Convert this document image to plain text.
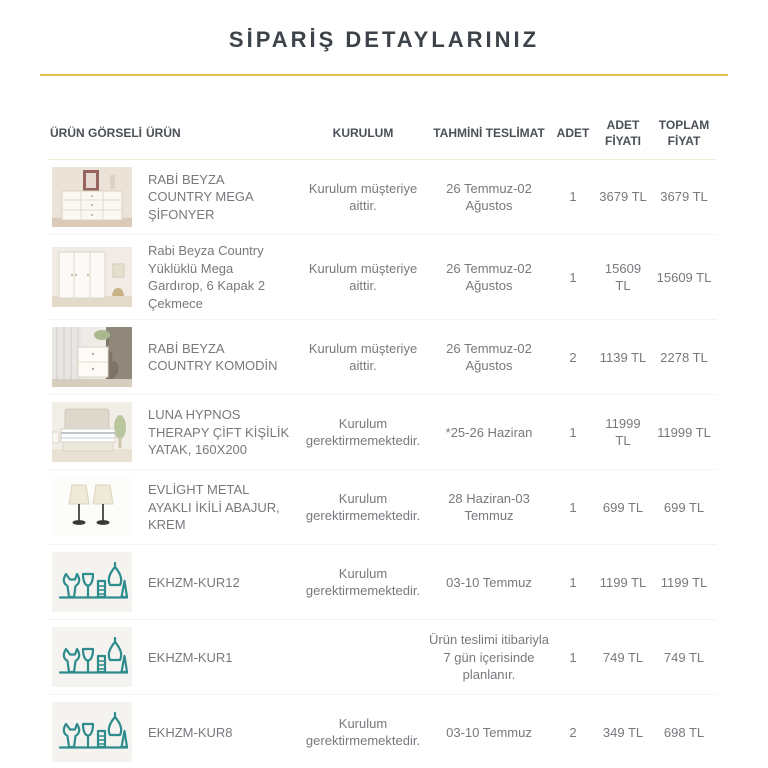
SİPARİŞ DETAYLARINIZ
ÜRÜN GÖRSELİ	ÜRÜN	KURULUM	TAHMİNİ TESLİMAT	ADET	ADET FİYATI	TOPLAM FİYAT

	RABİ BEYZA COUNTRY MEGA ŞİFONYER	Kurulum müşteriye aittir.	26 Temmuz-02 Ağustos	1	3679 TL	3679 TL

	Rabi Beyza Country Yüklüklü Mega Gardırop, 6 Kapak 2 Çekmece	Kurulum müşteriye aittir.	26 Temmuz-02 Ağustos	1	15609 TL	15609 TL

	RABİ BEYZA COUNTRY KOMODİN	Kurulum müşteriye aittir.	26 Temmuz-02 Ağustos	2	1139 TL	2278 TL

	LUNA HYPNOS THERAPY ÇİFT KİŞİLİK YATAK, 160X200	Kurulum gerektirmemektedir.	*25-26 Haziran	1	11999 TL	11999 TL

	EVLİGHT METAL AYAKLI İKİLİ ABAJUR, KREM	Kurulum gerektirmemektedir.	28 Haziran-03 Temmuz	1	699 TL	699 TL

	EKHZM-KUR12	Kurulum gerektirmemektedir.	03-10 Temmuz	1	1199 TL	1199 TL

	EKHZM-KUR1		Ürün teslimi itibariyla 7 gün içerisinde planlanır.	1	749 TL	749 TL

	EKHZM-KUR8	Kurulum gerektirmemektedir.	03-10 Temmuz	2	349 TL	698 TL
